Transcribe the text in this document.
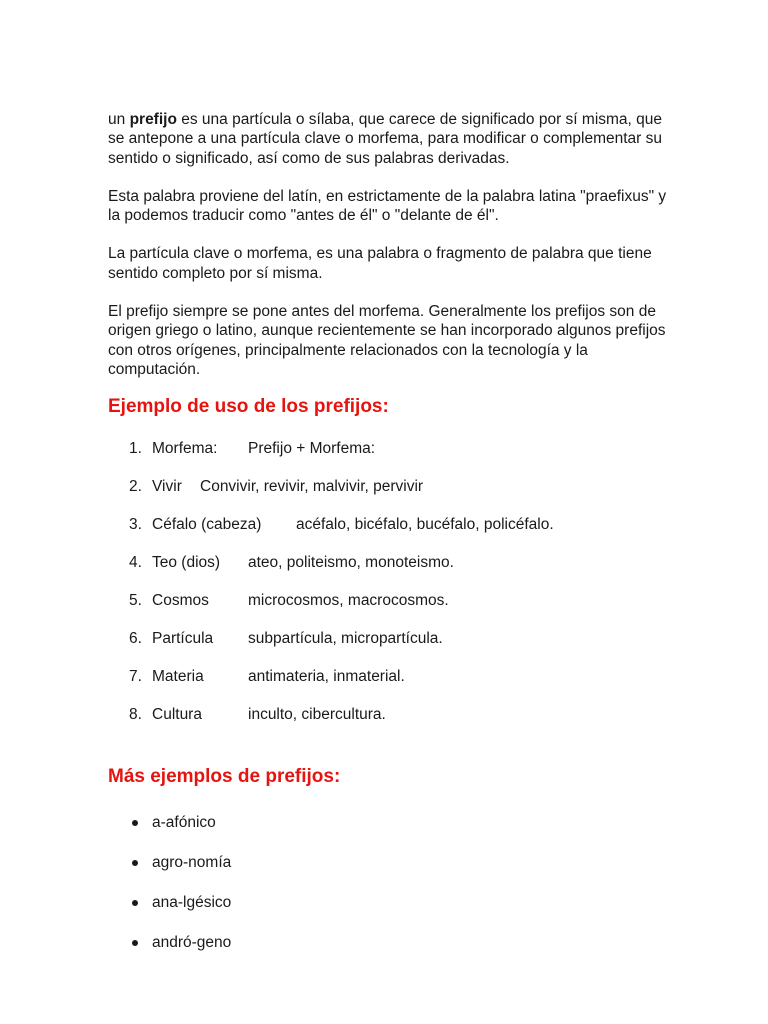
un prefijo es una partícula o sílaba, que carece de significado por sí misma, que se antepone a una partícula clave o morfema, para modificar o complementar su sentido o significado, así como de sus palabras derivadas.

Esta palabra proviene del latín, en estrictamente de la palabra latina "praefixus" y la podemos traducir como "antes de él" o "delante de él".

La partícula clave o morfema, es una palabra o fragmento de palabra que tiene sentido completo por sí misma.

El prefijo siempre se pone antes del morfema. Generalmente los prefijos son de origen griego o latino, aunque recientemente se han incorporado algunos prefijos con otros orígenes, principalmente relacionados con la tecnología y la computación.

Ejemplo de uso de los prefijos:
1. Morfema: Prefijo + Morfema:
2. Vivir Convivir, revivir, malvivir, pervivir
3. Céfalo (cabeza) acéfalo, bicéfalo, bucéfalo, policéfalo.
4. Teo (dios) ateo, politeismo, monoteismo.
5. Cosmos	microcosmos, macrocosmos.
6. Partícula subpartícula, micropartícula.
7. Materia	antimateria, inmaterial.
8. Cultura	inculto, cibercultura.
Más ejemplos de prefijos:
a-afónico
agro-nomía
ana-lgésico
andró-geno
